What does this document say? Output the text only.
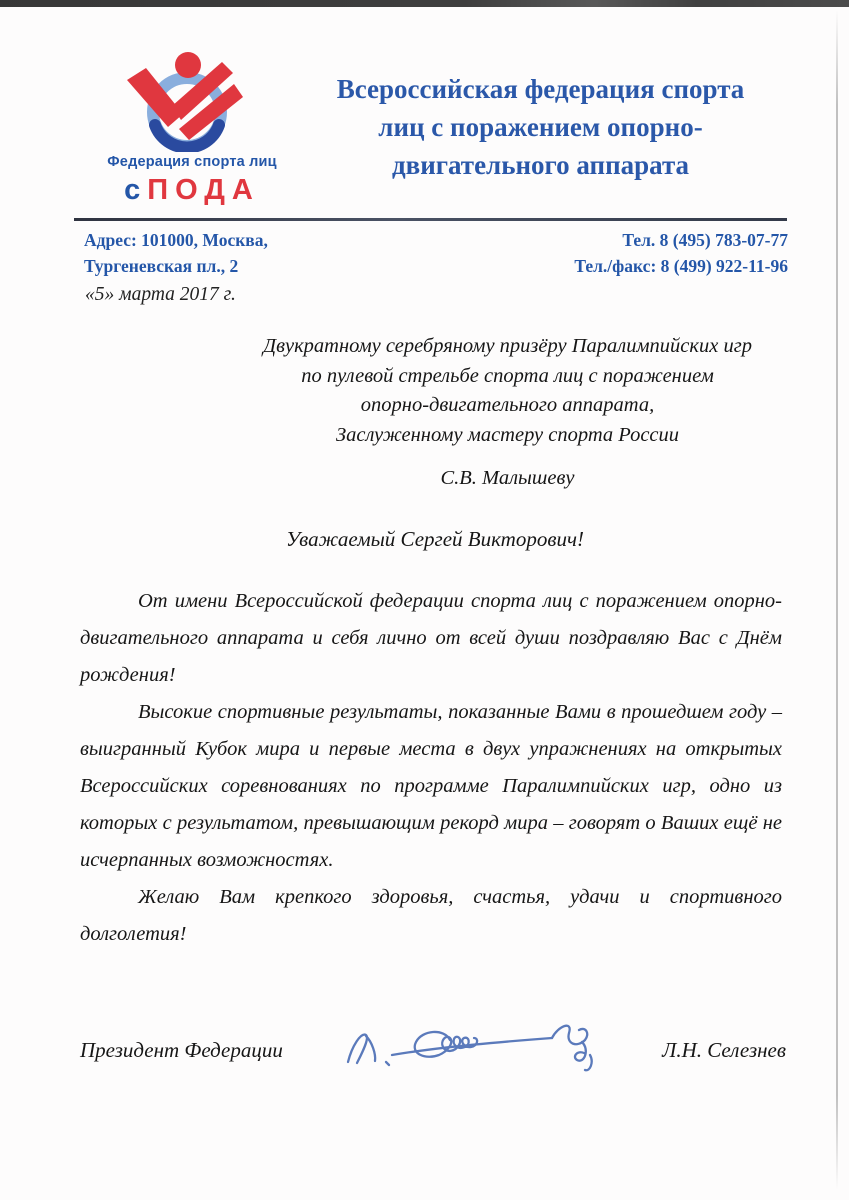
Федерация спорта лиц
сПОДА
Всероссийская федерация спорта
лиц с поражением опорно-
двигательного аппарата
Адрес: 101000, Москва,
Тургеневская пл., 2
Тел. 8 (495) 783-07-77
Тел./факс: 8 (499) 922-11-96
«5» марта 2017 г.
Двукратному серебряному призёру Паралимпийских игр
по пулевой стрельбе спорта лиц с поражением
опорно-двигательного аппарата,
Заслуженному мастеру спорта России
С.В. Малышеву
Уважаемый Сергей Викторович!

От имени Всероссийской федерации спорта лиц с поражением опорно-двигательного аппарата и себя лично от всей души поздравляю Вас с Днём рождения!

Высокие спортивные результаты, показанные Вами в прошедшем году – выигранный Кубок мира и первые места в двух упражнениях на открытых Всероссийских соревнованиях по программе Паралимпийских игр, одно из которых с результатом, превышающим рекорд мира – говорят о Ваших ещё не исчерпанных возможностях.

Желаю Вам крепкого здоровья, счастья, удачи и спортивного долголетия!

Президент Федерации	Л.Н. Селезнев
